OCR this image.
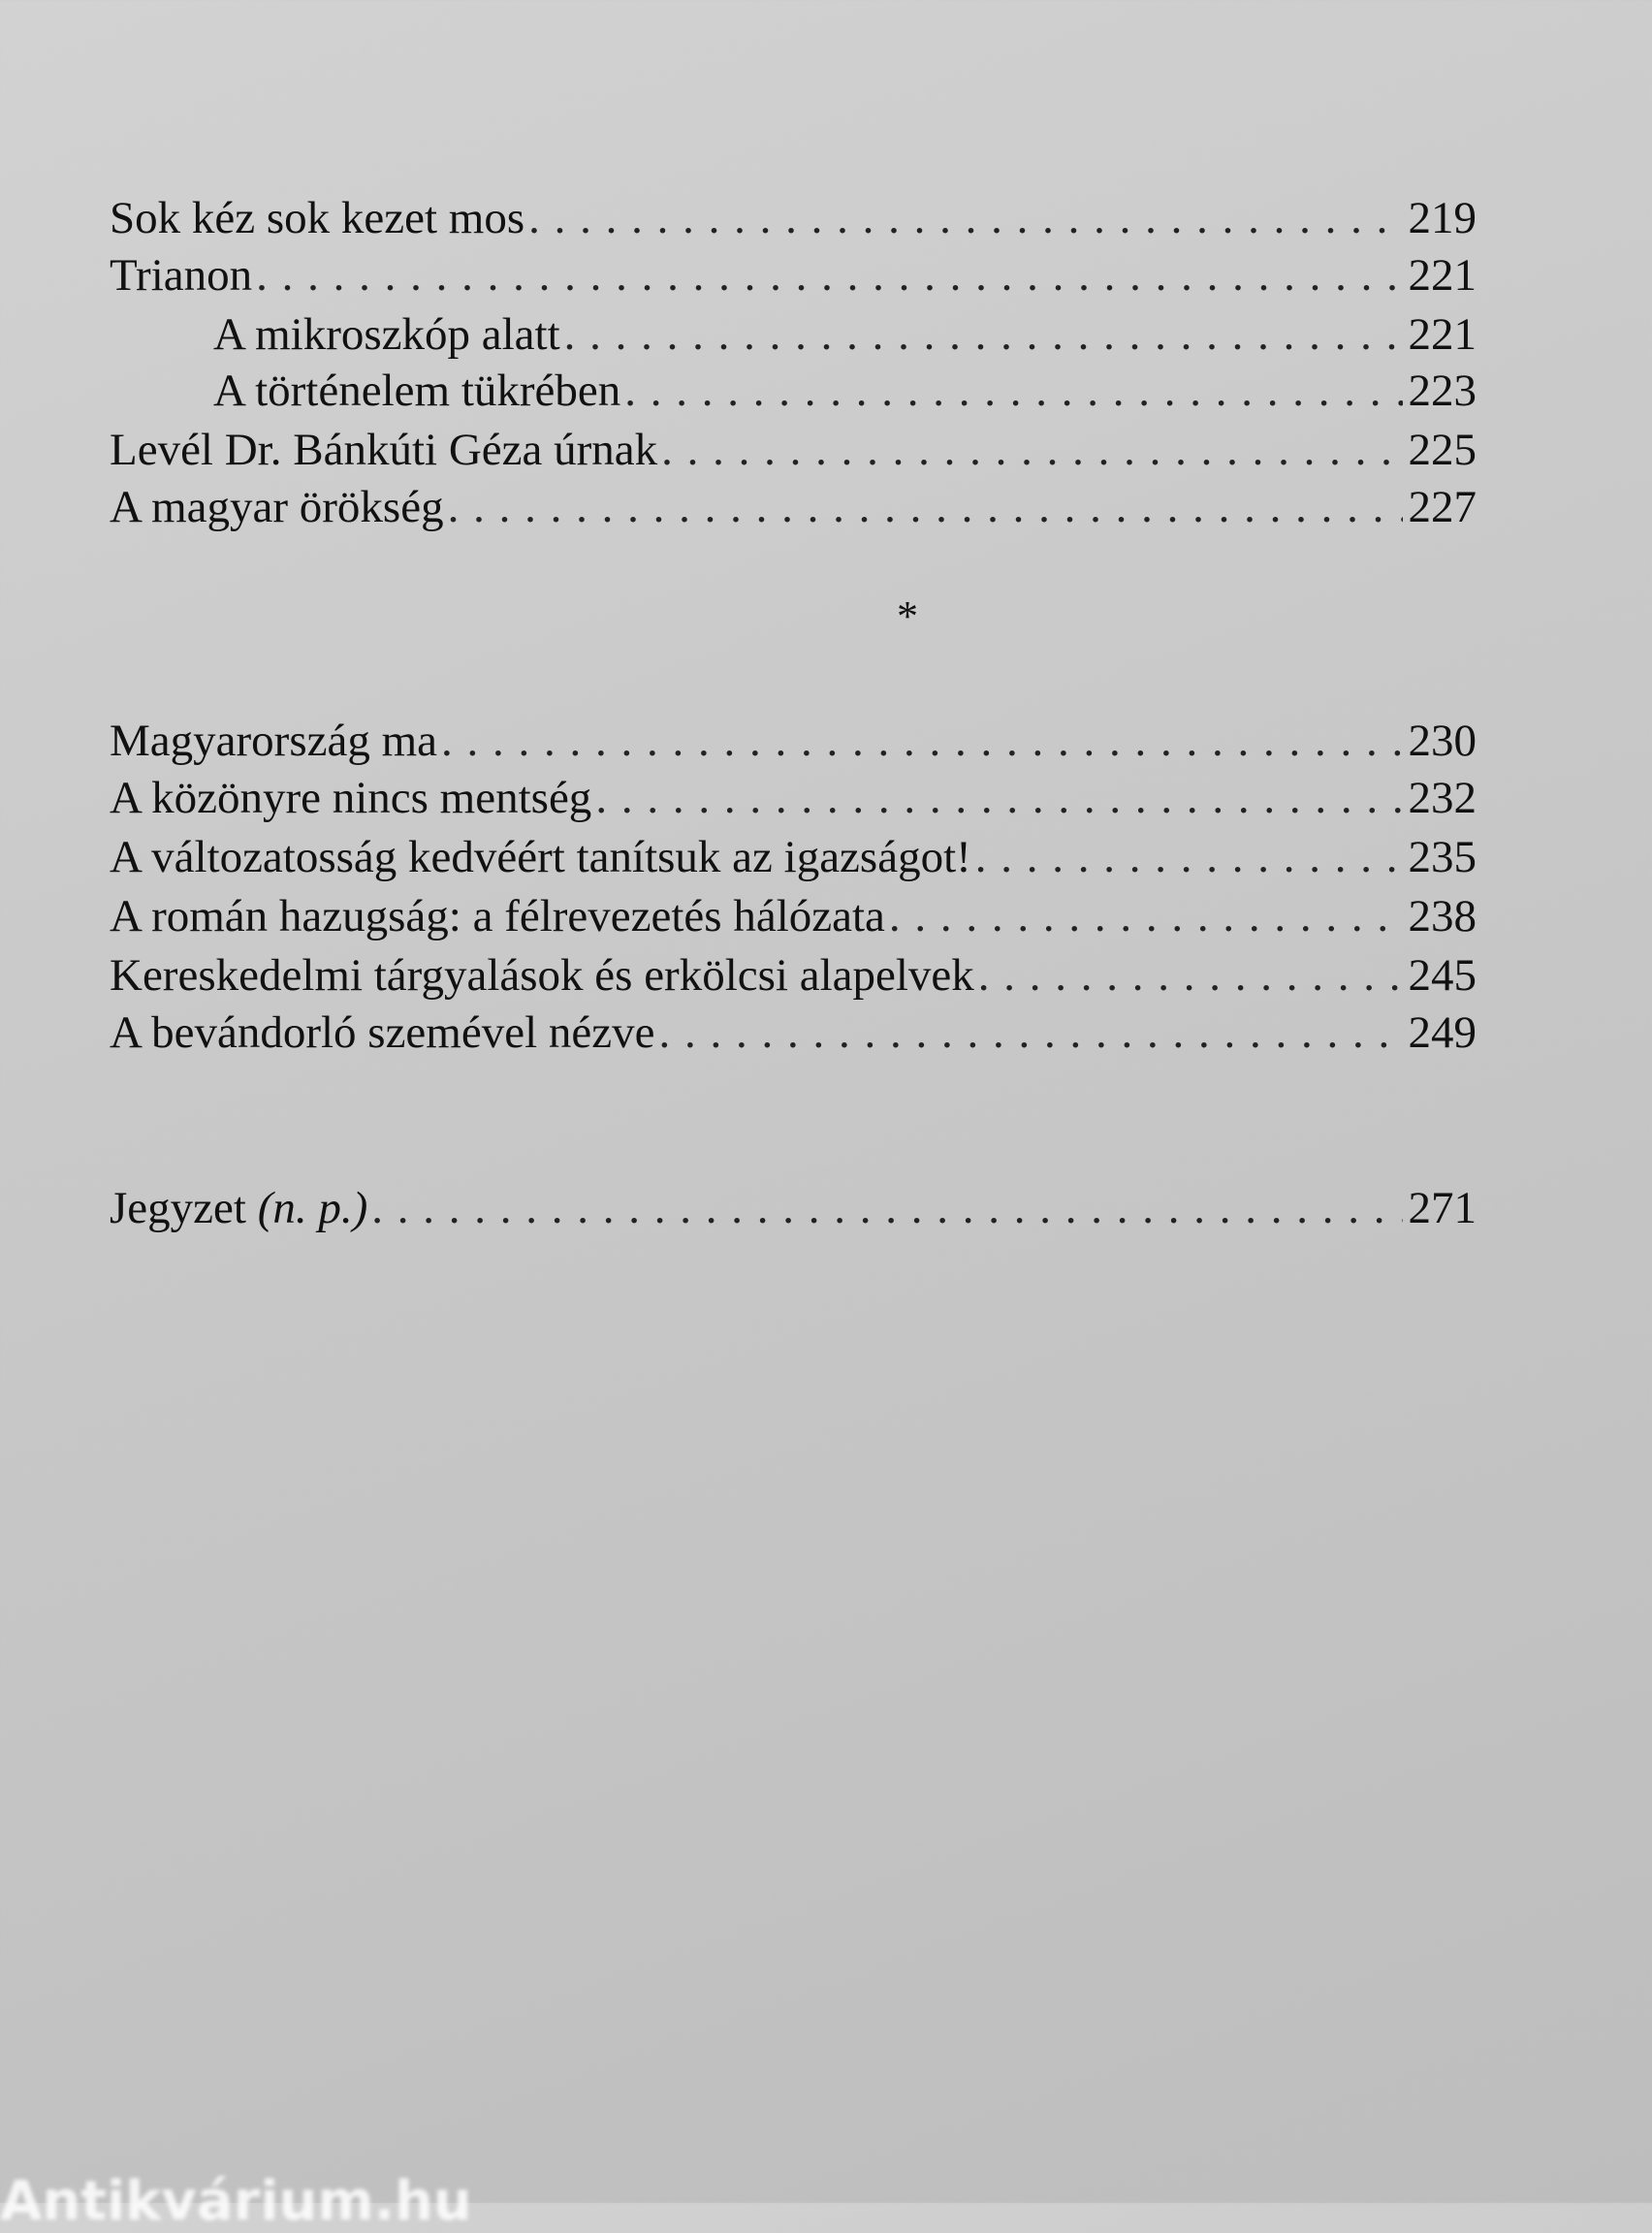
Sok kéz sok kezet mos . . .	219
Trianon . . .	221
A mikroszkóp alatt . . .	221
A történelem tükrében . . .	223
Levél Dr. Bánkúti Géza úrnak . . .	225
A magyar örökség . . .	227
*
Magyarország ma . . .	230
A közönyre nincs mentség . . .	232
A változatosság kedvéért tanítsuk az igazságot! . . .	235
A román hazugság: a félrevezetés hálózata . . .	238
Kereskedelmi tárgyalások és erkölcsi alapelvek . . .	245
A bevándorló szemével nézve . . .	249
Jegyzet (n. p.) . . .	271
Antikvárium.hu
